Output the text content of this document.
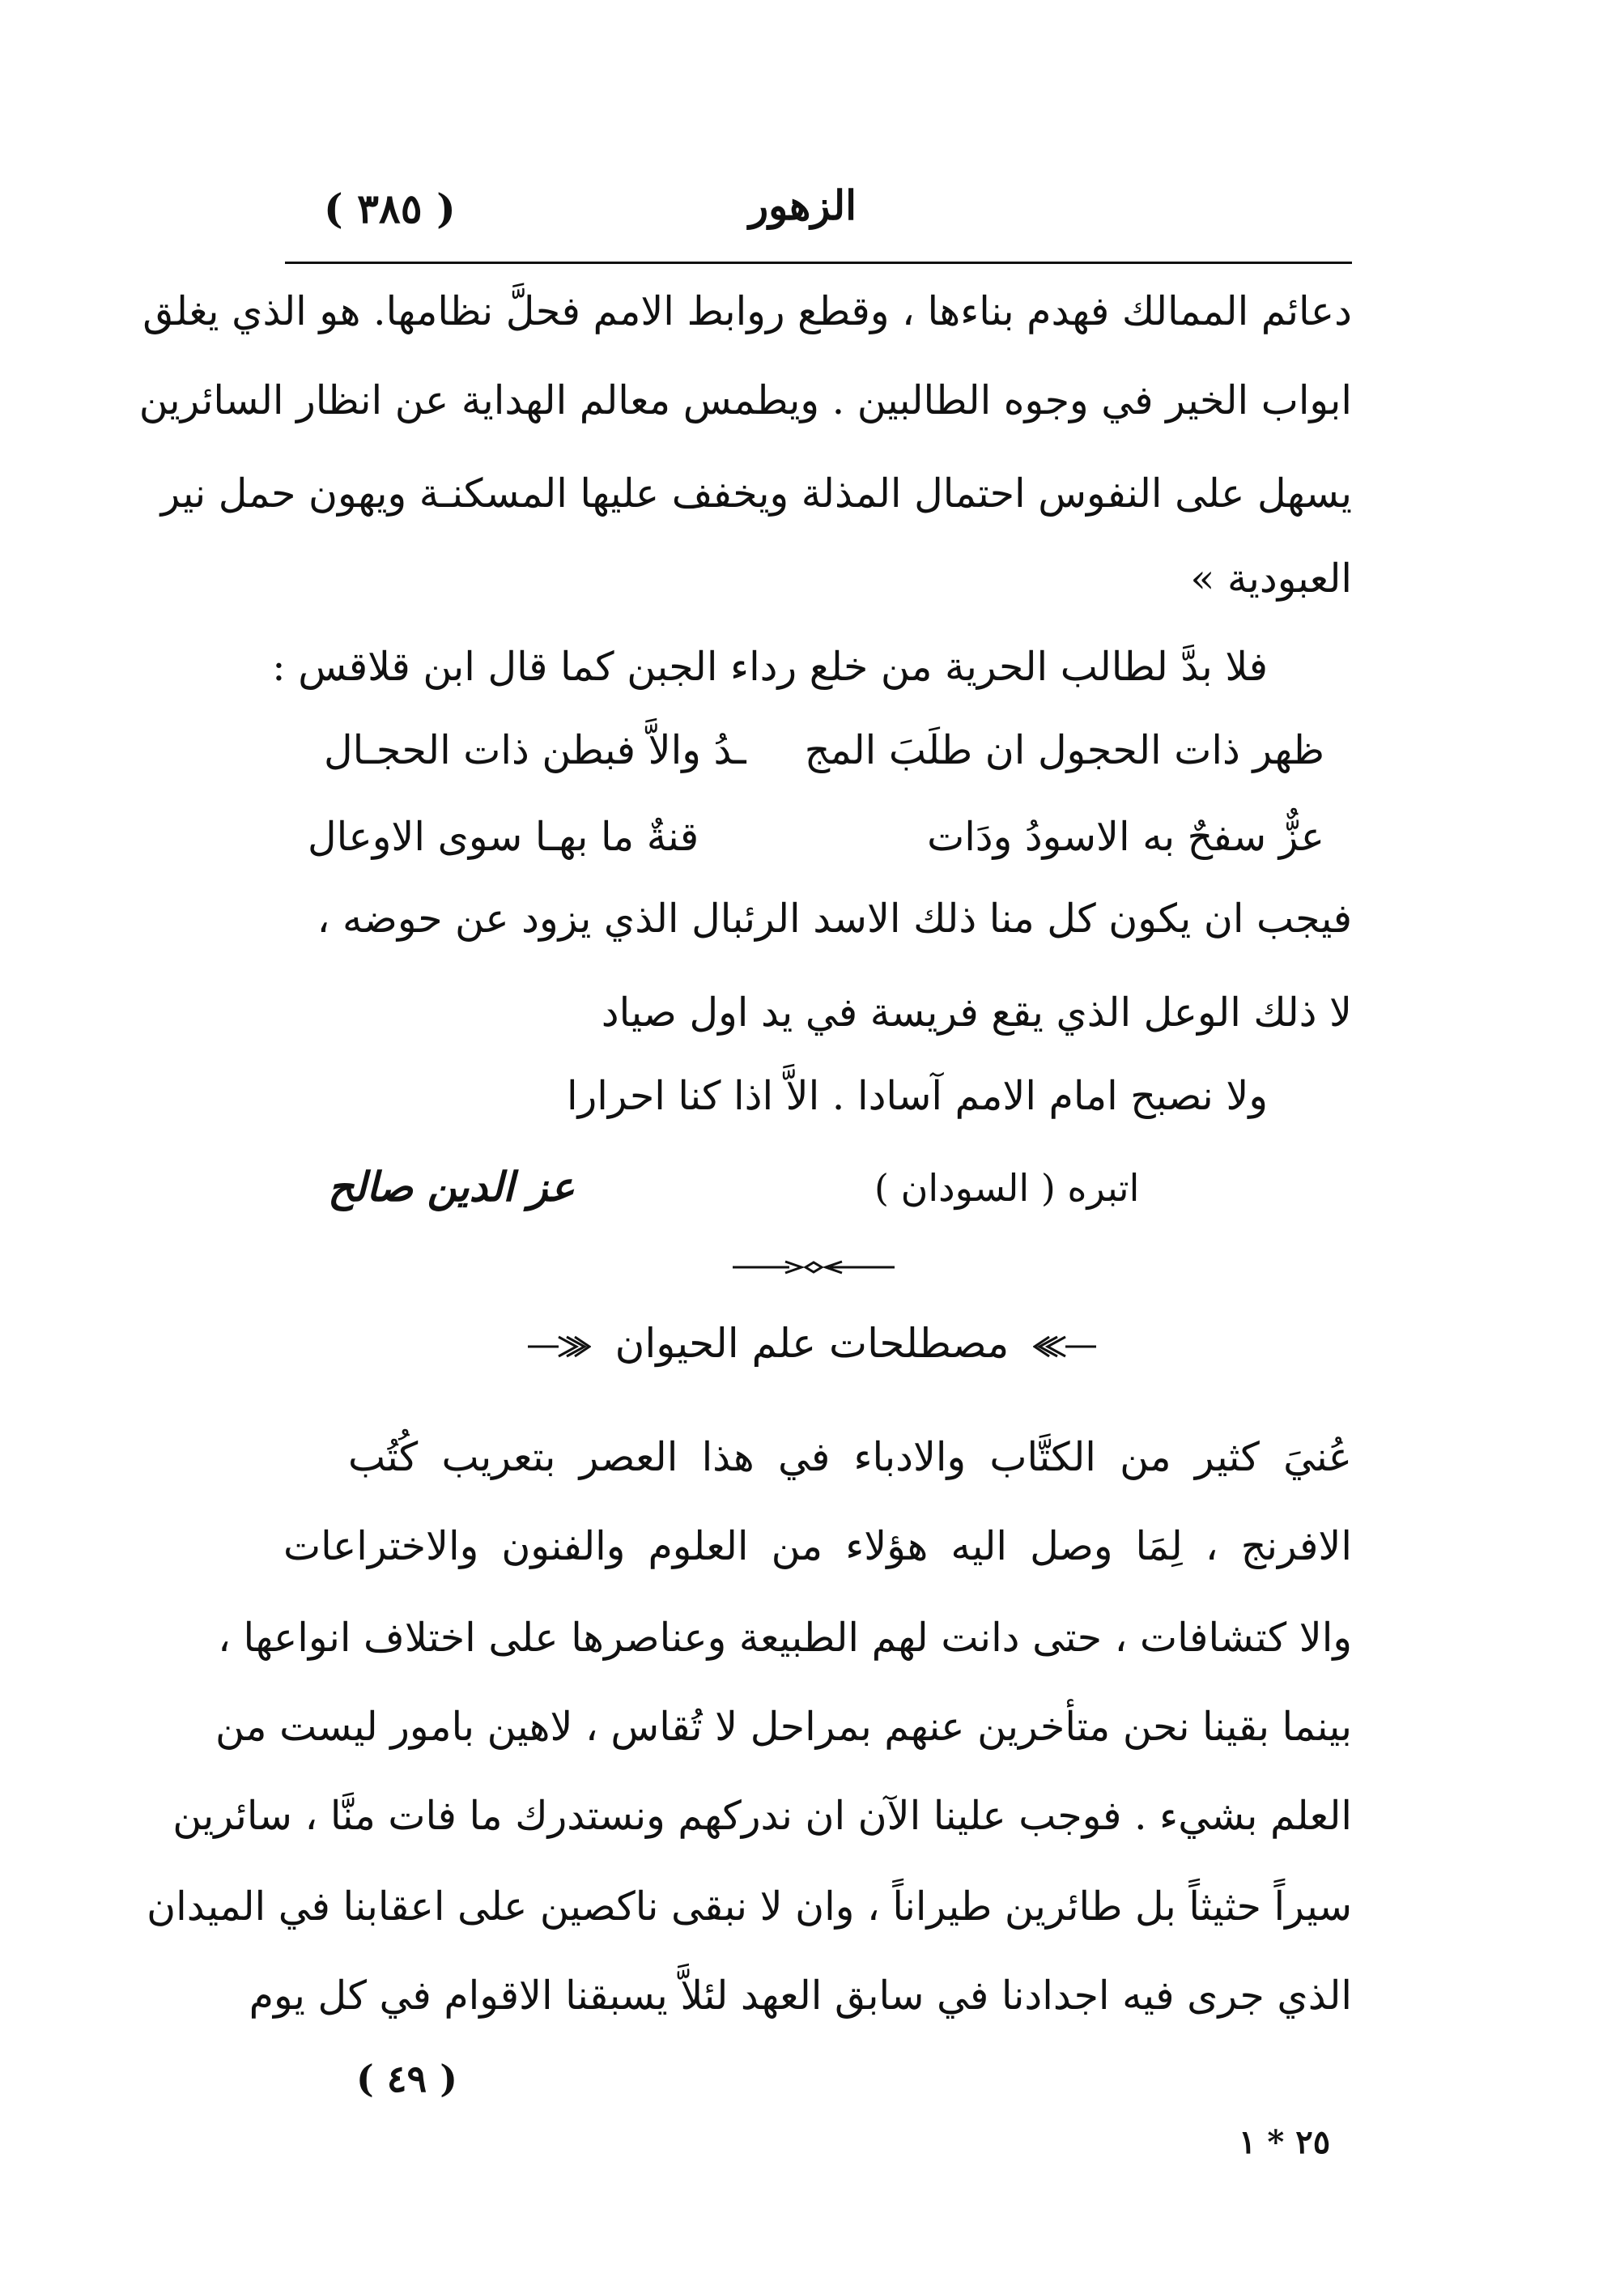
( ٣٨٥ )	الزهور
دعائم الممالك فهدم بناءها ، وقطع روابط الامم فحلَّ نظامها. هو الذي يغلق
ابواب الخير في وجوه الطالبين . ويطمس معالم الهداية عن انظار السائرين
يسهل على النفوس احتمال المذلة ويخفف عليها المسكنـة ويهون حمل نير
العبودية »
فلا بدَّ لطالب الحرية من خلع رداء الجبن كما قال ابن قلاقس :
ظهر ذات الحجول ان طلَبَ المج
ـدُ والاَّ فبطن ذات الحجـال
عزٌّ سفحٌ به الاسودُ ودَات
قنةٌ ما بهـا سوى الاوعال
فيجب ان يكون كل منا ذلك الاسد الرئبال الذي يزود عن حوضه ،
لا ذلك الوعل الذي يقع فريسة في يد اول صياد
ولا نصبح امام الامم آسادا . الاَّ اذا كنا احرارا
اتبره ( السودان )
عز الدين صالح
مصطلحات علم الحيوان
عُنيَ كثير من الكتَّاب والادباء في هذا العصر بتعريب كُتُب
الافرنج ، لِمَا وصل اليه هؤلاء من العلوم والفنون والاختراعات
والا كتشافات ، حتى دانت لهم الطبيعة وعناصرها على اختلاف انواعها ،
بينما بقينا نحن متأخرين عنهم بمراحل لا تُقاس ، لاهين بامور ليست من
العلم بشيء . فوجب علينا الآن ان ندركهم ونستدرك ما فات منَّا ، سائرين
سيراً حثيثاً بل طائرين طيراناً ، وان لا نبقى ناكصين على اعقابنا في الميدان
الذي جرى فيه اجدادنا في سابق العهد لئلاَّ يسبقنا الاقوام في كل يوم
( ٤٩ )
٢٥ * ١
